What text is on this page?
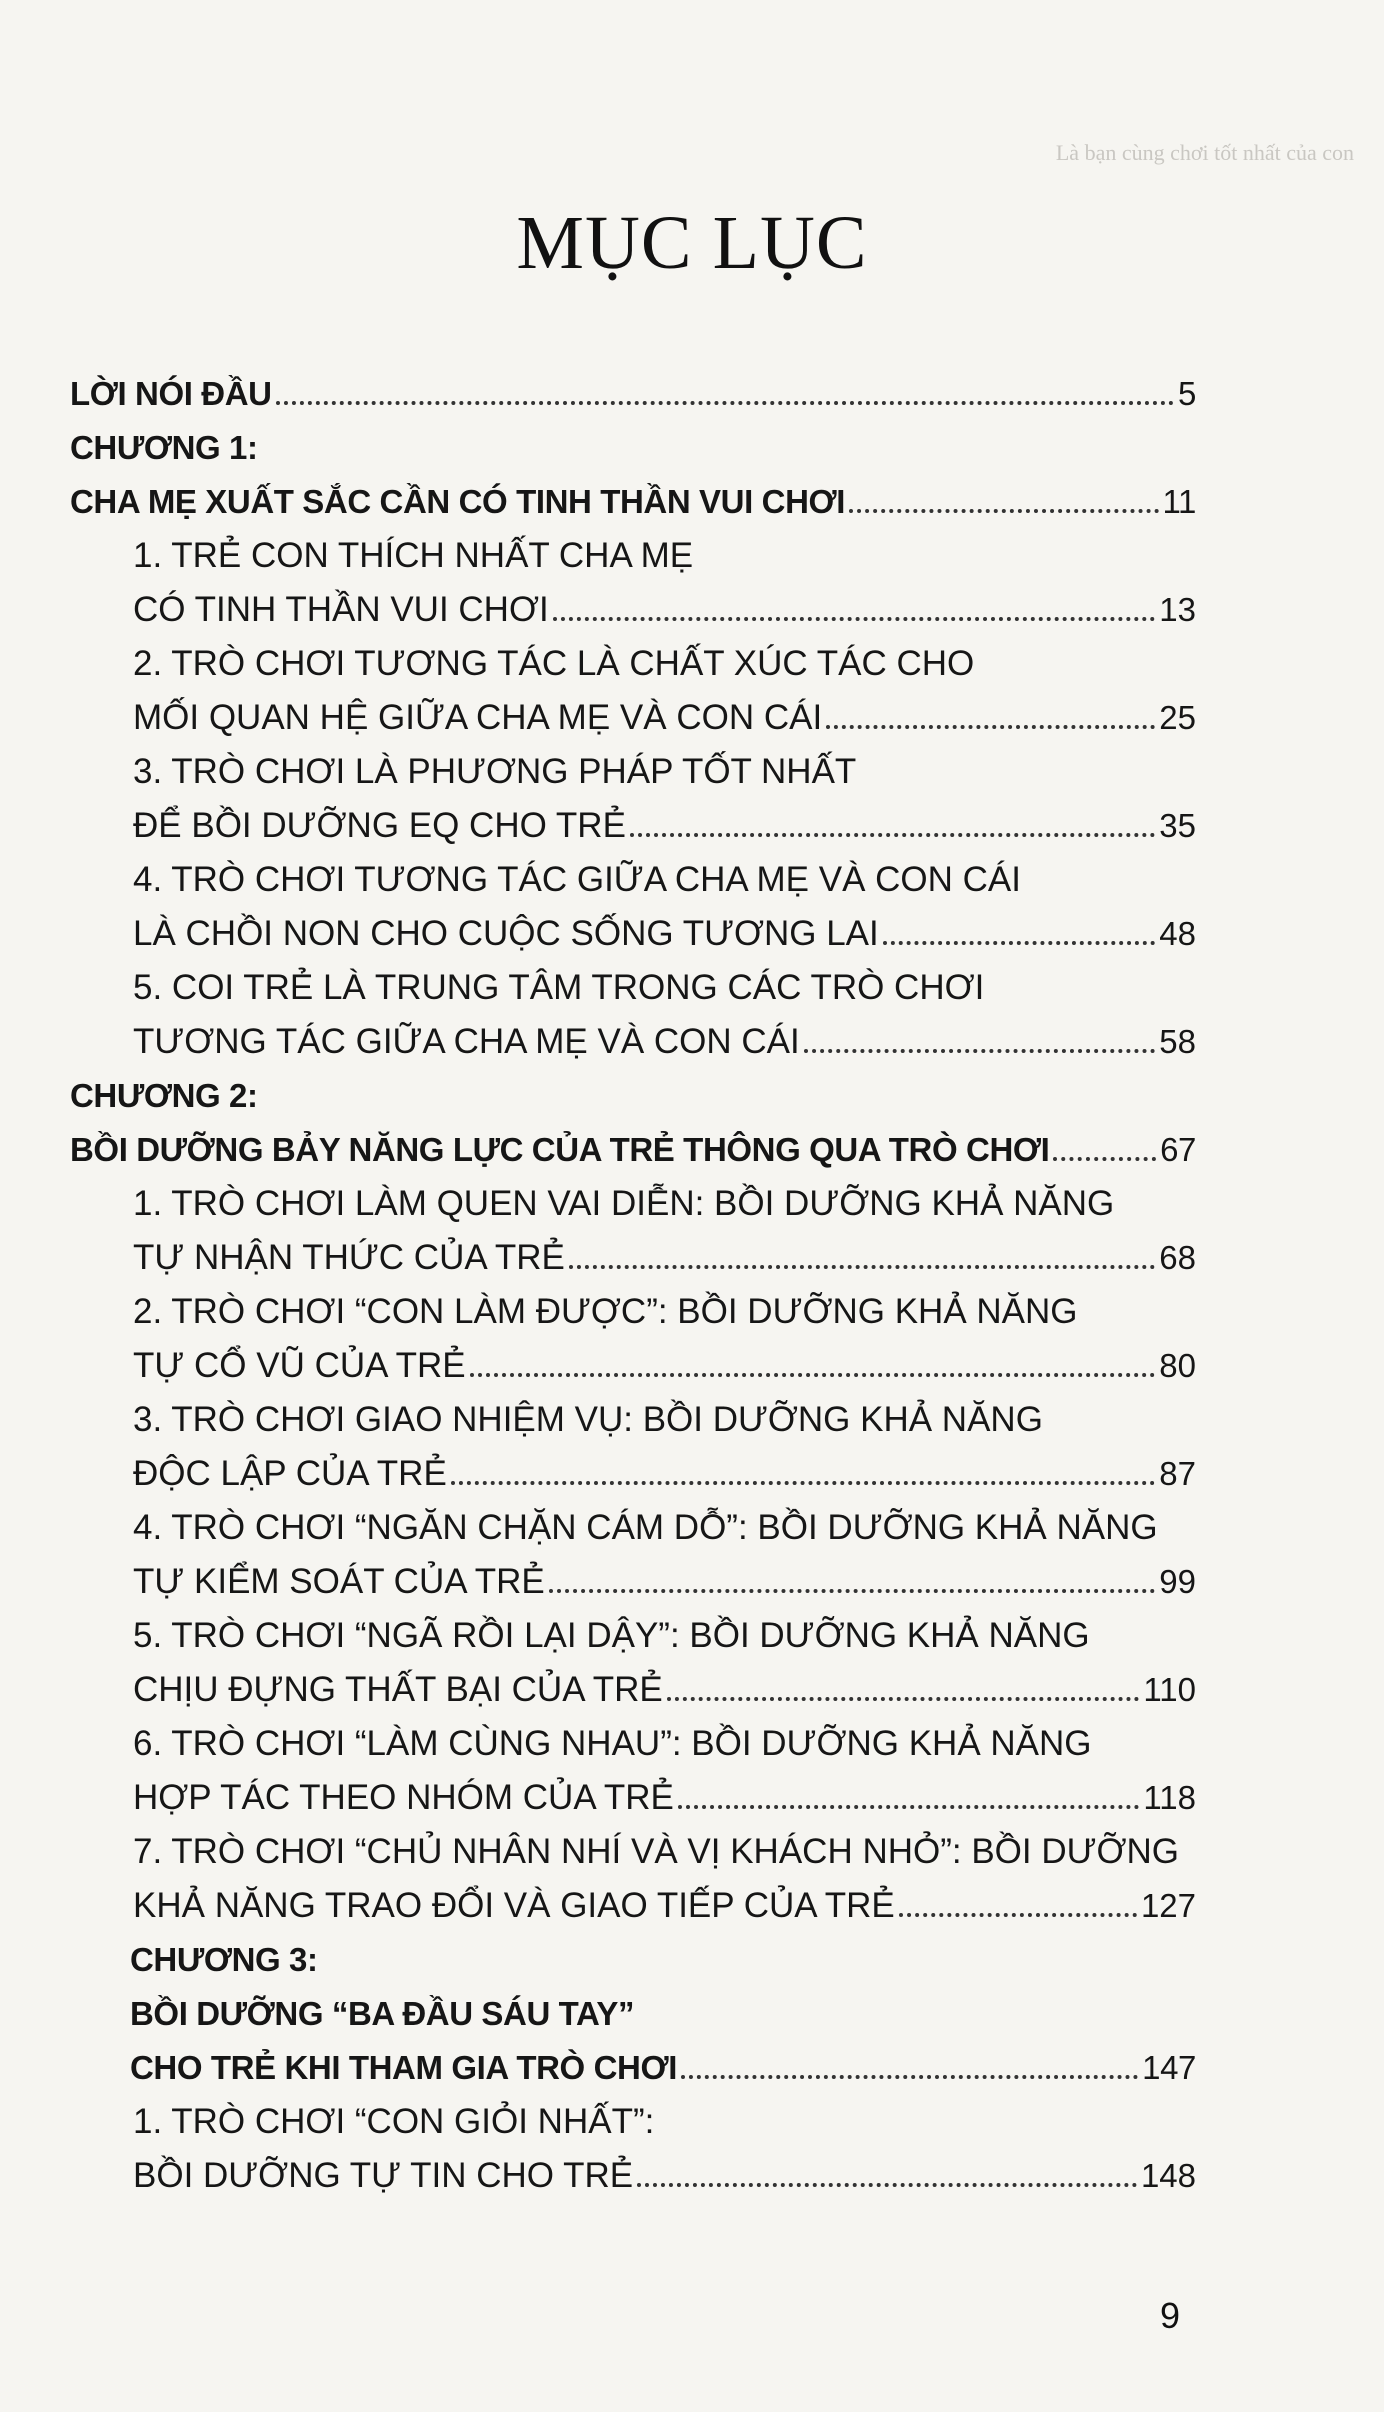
Là bạn cùng chơi tốt nhất của con
MỤC LỤC
LỜI NÓI ĐẦU	5
CHƯƠNG 1:
CHA MẸ XUẤT SẮC CẦN CÓ TINH THẦN VUI CHƠI	11
1. TRẺ CON THÍCH NHẤT CHA MẸ
CÓ TINH THẦN VUI CHƠI	13
2. TRÒ CHƠI TƯƠNG TÁC LÀ CHẤT XÚC TÁC CHO
MỐI QUAN HỆ GIỮA CHA MẸ VÀ CON CÁI	25
3. TRÒ CHƠI LÀ PHƯƠNG PHÁP TỐT NHẤT
ĐỂ BỒI DƯỠNG EQ CHO TRẺ	35
4. TRÒ CHƠI TƯƠNG TÁC GIỮA CHA MẸ VÀ CON CÁI
LÀ CHỒI NON CHO CUỘC SỐNG TƯƠNG LAI	48
5. COI TRẺ LÀ TRUNG TÂM TRONG CÁC TRÒ CHƠI
TƯƠNG TÁC GIỮA CHA MẸ VÀ CON CÁI	58
CHƯƠNG 2:
BỒI DƯỠNG BẢY NĂNG LỰC CỦA TRẺ THÔNG QUA TRÒ CHƠI	67
1. TRÒ CHƠI LÀM QUEN VAI DIỄN: BỒI DƯỠNG KHẢ NĂNG
TỰ NHẬN THỨC CỦA TRẺ	68
2. TRÒ CHƠI “CON LÀM ĐƯỢC”: BỒI DƯỠNG KHẢ NĂNG
TỰ CỔ VŨ CỦA TRẺ	80
3. TRÒ CHƠI GIAO NHIỆM VỤ: BỒI DƯỠNG KHẢ NĂNG
ĐỘC LẬP CỦA TRẺ	87
4. TRÒ CHƠI “NGĂN CHẶN CÁM DỖ”: BỒI DƯỠNG KHẢ NĂNG
TỰ KIỂM SOÁT CỦA TRẺ	99
5. TRÒ CHƠI “NGÃ RỒI LẠI DẬY”: BỒI DƯỠNG KHẢ NĂNG
CHỊU ĐỰNG THẤT BẠI CỦA TRẺ	110
6. TRÒ CHƠI “LÀM CÙNG NHAU”: BỒI DƯỠNG KHẢ NĂNG
HỢP TÁC THEO NHÓM CỦA TRẺ	118
7. TRÒ CHƠI “CHỦ NHÂN NHÍ VÀ VỊ KHÁCH NHỎ”: BỒI DƯỠNG
KHẢ NĂNG TRAO ĐỔI VÀ GIAO TIẾP CỦA TRẺ	127
CHƯƠNG 3:
BỒI DƯỠNG “BA ĐẦU SÁU TAY”
CHO TRẺ KHI THAM GIA TRÒ CHƠI	147
1. TRÒ CHƠI “CON GIỎI NHẤT”:
BỒI DƯỠNG TỰ TIN CHO TRẺ	148
9
